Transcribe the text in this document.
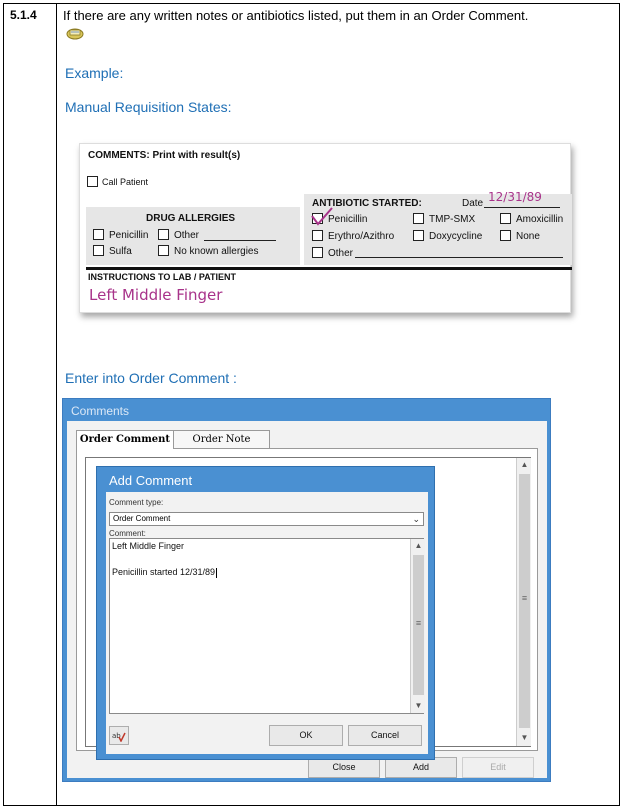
5.1.4 If there are any written notes or antibiotics listed, put them in an Order Comment.
Example:
Manual Requisition States:
Enter into Order Comment :
COMMENTS: Print with result(s)
Call Patient
DRUG ALLERGIES
Penicillin	Other
Sulfa	No known allergies
ANTIBIOTIC STARTED:	Date 12/31/89
Penicillin	TMP-SMX	Amoxicillin
Erythro/Azithro	Doxycycline	None
Other
INSTRUCTIONS TO LAB / PATIENT
Left Middle Finger
Comments
Order Comment	Order Note
▲
≡
▼
Close	Add	Edit
Add Comment
Comment type:
Order Comment	⌄
Comment:
Left Middle Finger
Penicillin started 12/31/89
▲
≡
▼
ab	OK	Cancel
